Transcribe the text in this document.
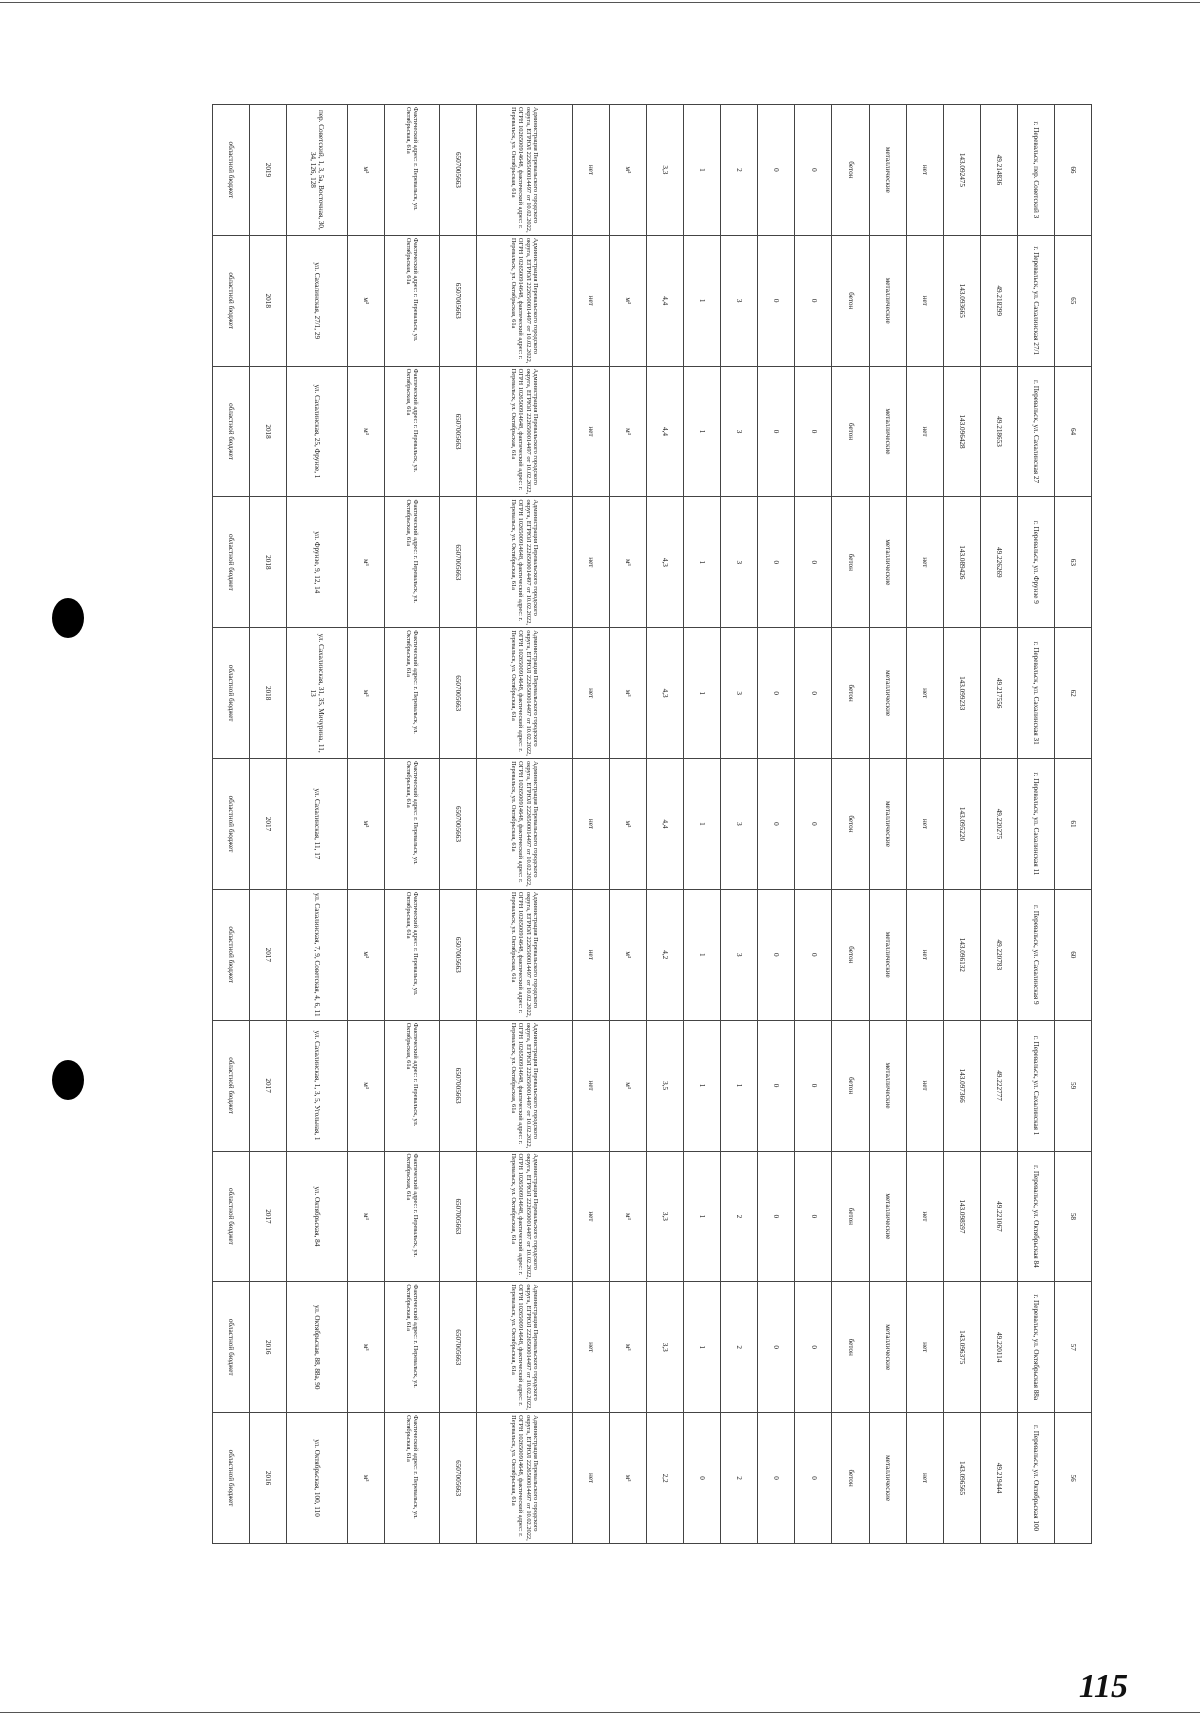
66	65	64	63	62	61	60	59	58	57	56
г. Перевальск, пер. Советский 3	г. Перевальск, ул. Сахалинская 27/1	г. Перевальск, ул. Сахалинская 27	г. Перевальск, ул. Фрунзе 9	г. Перевальск, ул. Сахалинская 31	г. Перевальск, ул. Сахалинская 11	г. Перевальск, ул. Сахалинская 9	г. Перевальск, ул. Сахалинская 1	г. Перевальск, ул. Октябрьская 84	г. Перевальск, ул. Октябрьская 88а	г. Перевальск, ул. Октябрьская 100
49.214836	49.218299	49.218653	49.226269	49.217556	49.220275	49.220783	49.222777	49.221067	49.220114	49.219444
143.092475	143.093665	143.096428	143.089426	143.099233	143.095220	143.096132	143.097366	143.098597	143.096375	143.096565
нет	нет	нет	нет	нет	нет	нет	нет	нет	нет	нет
металлические	металлические	металлические	металлические	металлические	металлические	металлические	металлические	металлические	металлические	металлические
бетон	бетон	бетон	бетон	бетон	бетон	бетон	бетон	бетон	бетон	бетон
0	0	0	0	0	0	0	0	0	0	0
0	0	0	0	0	0	0	0	0	0	0
2	3	3	3	3	3	3	1	2	2	2
1	1	1	1	1	1	1	1	1	1	0
3,3	4,4	4,4	4,3	4,3	4,4	4,2	3,5	3,3	3,3	2,2
м³	м³	м³	м³	м³	м³	м³	м³	м³	м³	м³
нет	нет	нет	нет	нет	нет	нет	нет	нет	нет	нет
Администрация Перевальского городского округа, ЕГРЮЛ 2226500014497 от 10.02.2022, ОГРН 1026500914648, фактический адрес: г. Перевальск, ул. Октябрьская, 61а	Администрация Перевальского городского округа, ЕГРЮЛ 2226500014497 от 10.02.2022, ОГРН 1026500914648, фактический адрес: г. Перевальск, ул. Октябрьская, 61а	Администрация Перевальского городского округа, ЕГРЮЛ 2226500014497 от 10.02.2022, ОГРН 1026500914648, фактический адрес: г. Перевальск, ул. Октябрьская, 61а	Администрация Перевальского городского округа, ЕГРЮЛ 2226500014497 от 10.02.2022, ОГРН 1026500914648, фактический адрес: г. Перевальск, ул. Октябрьская, 61а	Администрация Перевальского городского округа, ЕГРЮЛ 2226500014497 от 10.02.2022, ОГРН 1026500914648, фактический адрес: г. Перевальск, ул. Октябрьская, 61а	Администрация Перевальского городского округа, ЕГРЮЛ 2226500014497 от 10.02.2022, ОГРН 1026500914648, фактический адрес: г. Перевальск, ул. Октябрьская, 61а	Администрация Перевальского городского округа, ЕГРЮЛ 2226500014497 от 10.02.2022, ОГРН 1026500914648, фактический адрес: г. Перевальск, ул. Октябрьская, 61а	Администрация Перевальского городского округа, ЕГРЮЛ 2226500014497 от 10.02.2022, ОГРН 1026500914648, фактический адрес: г. Перевальск, ул. Октябрьская, 61а	Администрация Перевальского городского округа, ЕГРЮЛ 2226500014497 от 10.02.2022, ОГРН 1026500914648, фактический адрес: г. Перевальск, ул. Октябрьская, 61а	Администрация Перевальского городского округа, ЕГРЮЛ 2226500014497 от 10.02.2022, ОГРН 1026500914648, фактический адрес: г. Перевальск, ул. Октябрьская, 61а	Администрация Перевальского городского округа, ЕГРЮЛ 2226500014497 от 10.02.2022, ОГРН 1026500914648, фактический адрес: г. Перевальск, ул. Октябрьская, 61а
6507005663	6507005663	6507005663	6507005663	6507005663	6507005663	6507005663	6507005663	6507005663	6507005663	6507005663
Фактический адрес: г. Перевальск, ул. Октябрьская, 61а	Фактический адрес: г. Перевальск, ул. Октябрьская, 61а	Фактический адрес: г. Перевальск, ул. Октябрьская, 61а	Фактический адрес: г. Перевальск, ул. Октябрьская, 61а	Фактический адрес: г. Перевальск, ул. Октябрьская, 61а	Фактический адрес: г. Перевальск, ул. Октябрьская, 61а	Фактический адрес: г. Перевальск, ул. Октябрьская, 61а	Фактический адрес: г. Перевальск, ул. Октябрьская, 61а	Фактический адрес: г. Перевальск, ул. Октябрьская, 61а	Фактический адрес: г. Перевальск, ул. Октябрьская, 61а	Фактический адрес: г. Перевальск, ул. Октябрьская, 61а
м³	м³	м³	м³	м³	м³	м³	м³	м³	м³	м³
пер. Советский, 1, 3, 5а, Восточная, 30, 34, 126, 128	ул. Сахалинская, 27/1, 29	ул. Сахалинская, 25, Фрунзе, 1	ул. Фрунзе, 9, 12, 14	ул. Сахалинская, 31, 35, Мичурина, 11, 13	ул. Сахалинская, 11, 17	ул. Сахалинская, 7, 9, Советская, 4, 6, 11	ул. Сахалинская, 1, 3, 5, Угольная, 1	ул. Октябрьская, 84	ул. Октябрьская, 88, 88а, 90	ул. Октябрьская, 100, 110
2019	2018	2018	2018	2018	2017	2017	2017	2017	2016	2016
областной бюджет	областной бюджет	областной бюджет	областной бюджет	областной бюджет	областной бюджет	областной бюджет	областной бюджет	областной бюджет	областной бюджет	областной бюджет
115
